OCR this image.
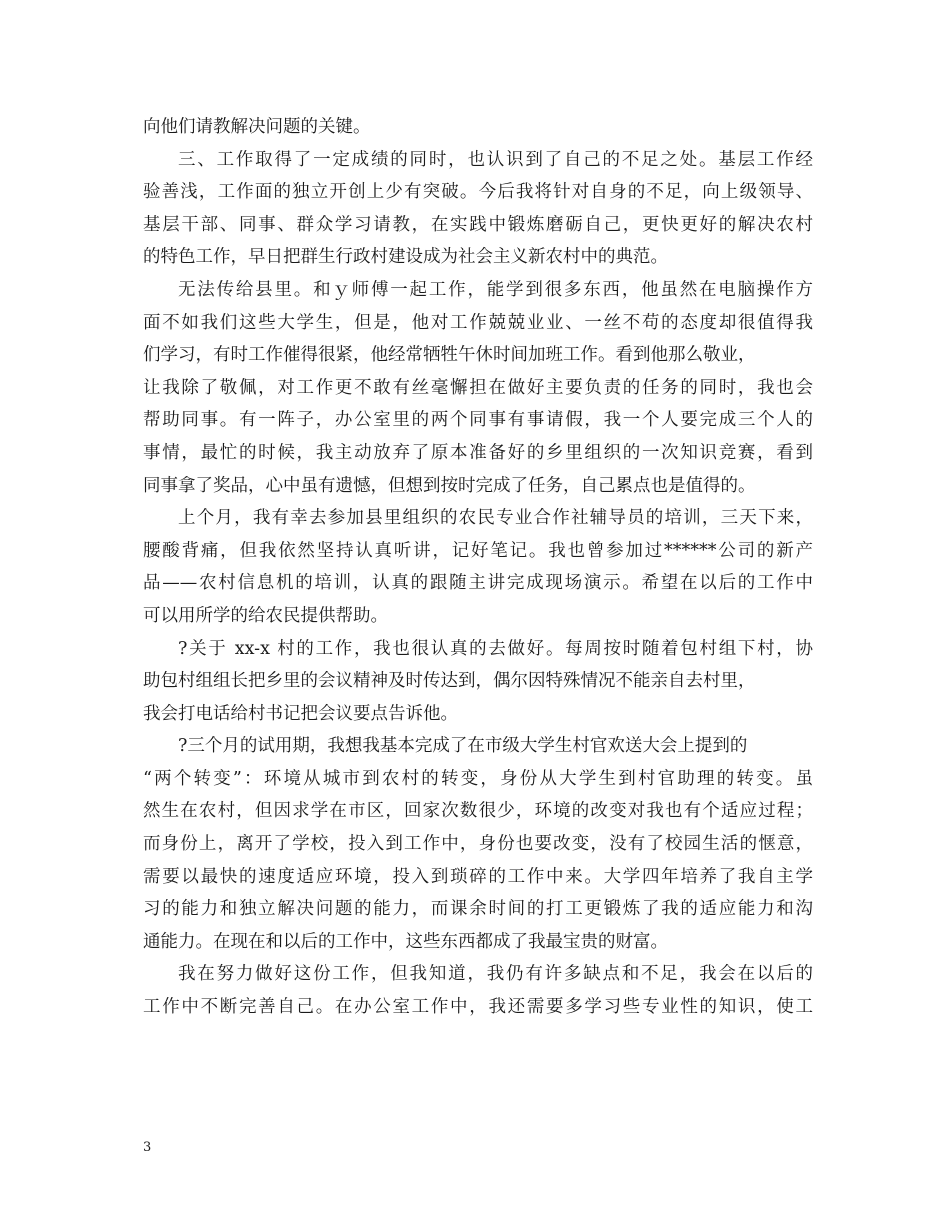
向他们请教解决问题的关键。
三、工作取得了一定成绩的同时，也认识到了自己的不足之处。基层工作经
验善浅，工作面的独立开创上少有突破。今后我将针对自身的不足，向上级领导、
基层干部、同事、群众学习请教，在实践中锻炼磨砺自己，更快更好的解决农村
的特色工作，早日把群生行政村建设成为社会主义新农村中的典范。
无法传给县里。和ｙ师傅一起工作，能学到很多东西，他虽然在电脑操作方
面不如我们这些大学生，但是，他对工作兢兢业业、一丝不苟的态度却很值得我
们学习，有时工作催得很紧，他经常牺牲午休时间加班工作。看到他那么敬业，
让我除了敬佩，对工作更不敢有丝毫懈担在做好主要负责的任务的同时，我也会
帮助同事。有一阵子，办公室里的两个同事有事请假，我一个人要完成三个人的
事情，最忙的时候，我主动放弃了原本准备好的乡里组织的一次知识竞赛，看到
同事拿了奖品，心中虽有遗憾，但想到按时完成了任务，自己累点也是值得的。
上个月，我有幸去参加县里组织的农民专业合作社辅导员的培训，三天下来，
腰酸背痛，但我依然坚持认真听讲，记好笔记。我也曾参加过******公司的新产
品——农村信息机的培训，认真的跟随主讲完成现场演示。希望在以后的工作中
可以用所学的给农民提供帮助。
?关于 xx-x 村的工作，我也很认真的去做好。每周按时随着包村组下村，协
助包村组组长把乡里的会议精神及时传达到，偶尔因特殊情况不能亲自去村里，
我会打电话给村书记把会议要点告诉他。
?三个月的试用期，我想我基本完成了在市级大学生村官欢送大会上提到的
“两个转变”：环境从城市到农村的转变，身份从大学生到村官助理的转变。虽
然生在农村，但因求学在市区，回家次数很少，环境的改变对我也有个适应过程；
而身份上，离开了学校，投入到工作中，身份也要改变，没有了校园生活的惬意，
需要以最快的速度适应环境，投入到琐碎的工作中来。大学四年培养了我自主学
习的能力和独立解决问题的能力，而课余时间的打工更锻炼了我的适应能力和沟
通能力。在现在和以后的工作中，这些东西都成了我最宝贵的财富。
我在努力做好这份工作，但我知道，我仍有许多缺点和不足，我会在以后的
工作中不断完善自己。在办公室工作中，我还需要多学习些专业性的知识，使工
3
